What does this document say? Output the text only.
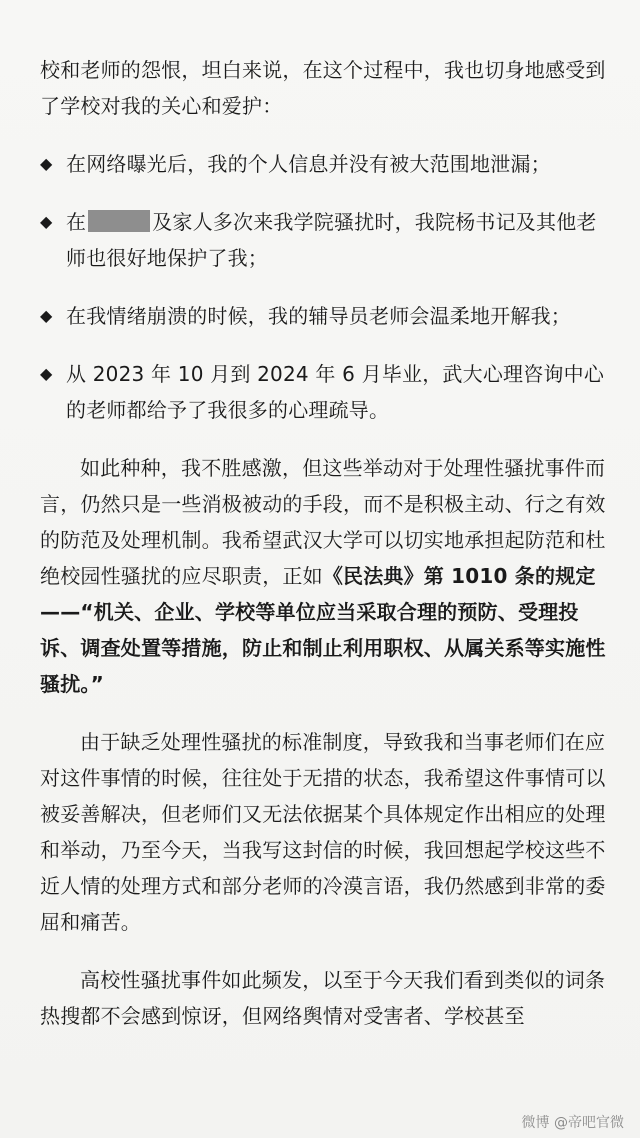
校和老师的怨恨，坦白来说，在这个过程中，我也切身地感受到了学校对我的关心和爱护：

◆ 在网络曝光后，我的个人信息并没有被大范围地泄漏；
◆ 在	及家人多次来我学院骚扰时，我院杨书记及其他老师也很好地保护了我；
◆ 在我情绪崩溃的时候，我的辅导员老师会温柔地开解我；
◆ 从 2023 年 10 月到 2024 年 6 月毕业，武大心理咨询中心的老师都给予了我很多的心理疏导。

如此种种，我不胜感激，但这些举动对于处理性骚扰事件而言，仍然只是一些消极被动的手段，而不是积极主动、行之有效的防范及处理机制。我希望武汉大学可以切实地承担起防范和杜绝校园性骚扰的应尽职责，正如《民法典》第 1010 条的规定——“机关、企业、学校等单位应当采取合理的预防、受理投诉、调查处置等措施，防止和制止利用职权、从属关系等实施性骚扰。”

由于缺乏处理性骚扰的标准制度，导致我和当事老师们在应对这件事情的时候，往往处于无措的状态，我希望这件事情可以被妥善解决，但老师们又无法依据某个具体规定作出相应的处理和举动，乃至今天，当我写这封信的时候，我回想起学校这些不近人情的处理方式和部分老师的冷漠言语，我仍然感到非常的委屈和痛苦。

高校性骚扰事件如此频发，以至于今天我们看到类似的词条热搜都不会感到惊讶，但网络舆情对受害者、学校甚至

微博 @帝吧官微
